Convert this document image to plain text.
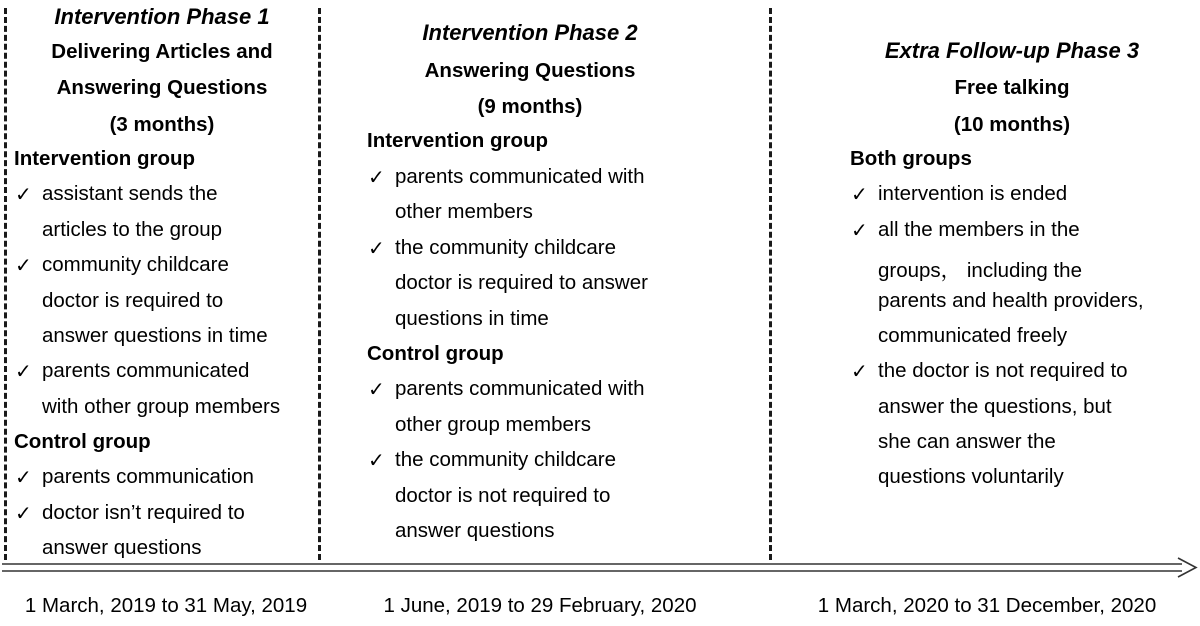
Intervention Phase 1
Delivering Articles and
Answering Questions
(3 months)
Intervention group
✓ assistant sends the
articles to the group
✓ community childcare
doctor is required to
answer questions in time
✓ parents communicated
with other group members
Control group
✓ parents communication
✓ doctor isn’t required to
answer questions
Intervention Phase 2
Answering Questions
(9 months)
Intervention group
✓ parents communicated with
other members
✓ the community childcare
doctor is required to answer
questions in time
Control group
✓ parents communicated with
other group members
✓ the community childcare
doctor is not required to
answer questions
Extra Follow-up Phase 3
Free talking
(10 months)
Both groups
✓ intervention is ended
✓ all the members in the
groups， including the
parents and health providers,
communicated freely
✓ the doctor is not required to
answer the questions, but
she can answer the
questions voluntarily
1 March, 2019 to 31 May, 2019	1 June, 2019 to 29 February, 2020	1 March, 2020 to 31 December, 2020
